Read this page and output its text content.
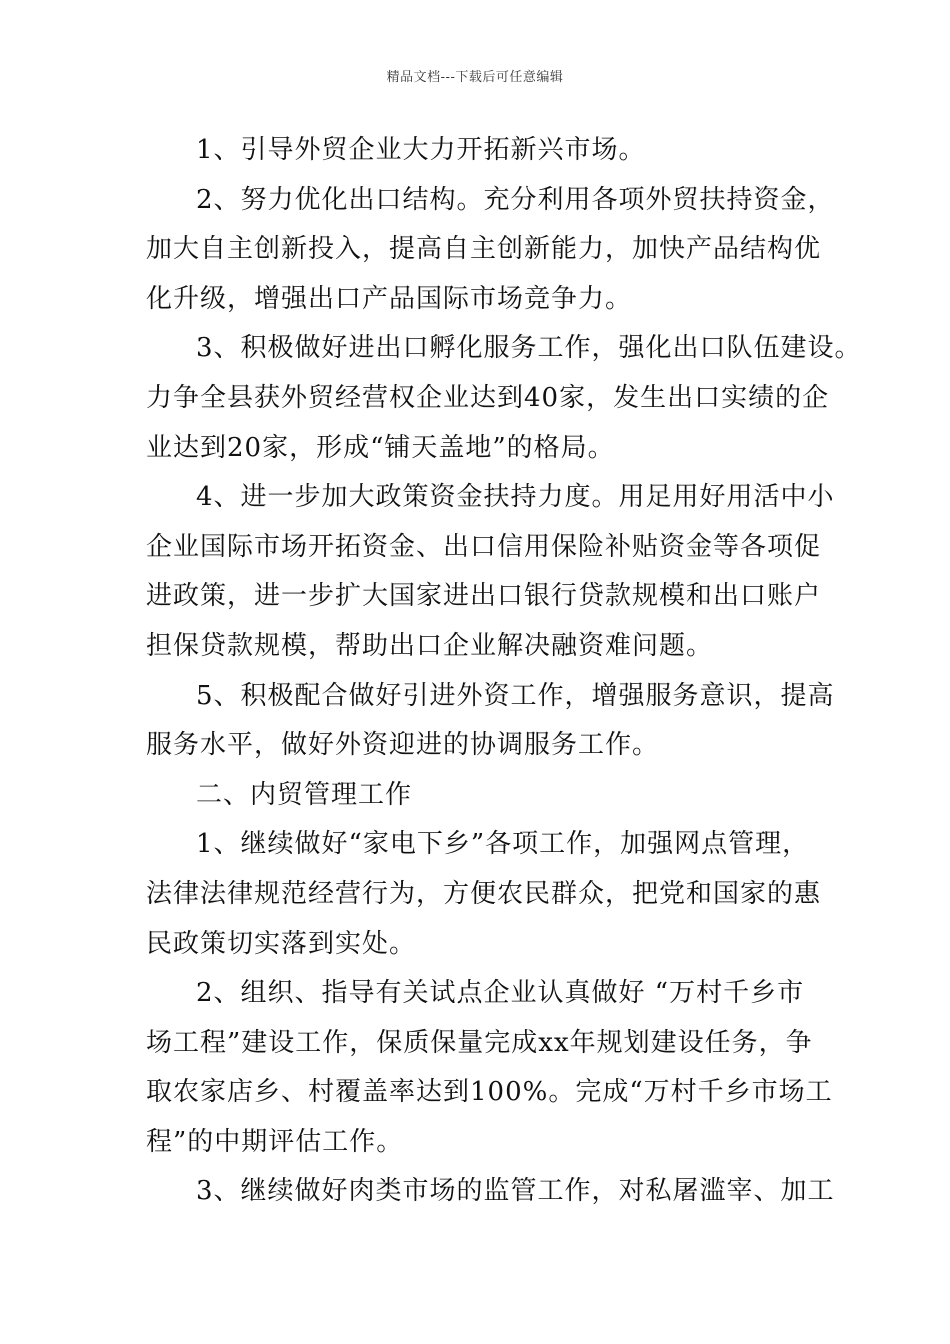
精品文档---下载后可任意编辑
1、引导外贸企业大力开拓新兴市场。
2、努力优化出口结构。充分利用各项外贸扶持资金，
加大自主创新投入，提高自主创新能力，加快产品结构优
化升级，增强出口产品国际市场竞争力。
3、积极做好进出口孵化服务工作，强化出口队伍建设。
力争全县获外贸经营权企业达到40家，发生出口实绩的企
业达到20家，形成“铺天盖地”的格局。
4、进一步加大政策资金扶持力度。用足用好用活中小
企业国际市场开拓资金、出口信用保险补贴资金等各项促
进政策，进一步扩大国家进出口银行贷款规模和出口账户
担保贷款规模，帮助出口企业解决融资难问题。
5、积极配合做好引进外资工作，增强服务意识，提高
服务水平，做好外资迎进的协调服务工作。
二、内贸管理工作
1、继续做好“家电下乡”各项工作，加强网点管理，
法律法律规范经营行为，方便农民群众，把党和国家的惠
民政策切实落到实处。
2、组织、指导有关试点企业认真做好 “万村千乡市
场工程”建设工作，保质保量完成xx年规划建设任务，争
取农家店乡、村覆盖率达到100%。完成“万村千乡市场工
程”的中期评估工作。
3、继续做好肉类市场的监管工作，对私屠滥宰、加工
